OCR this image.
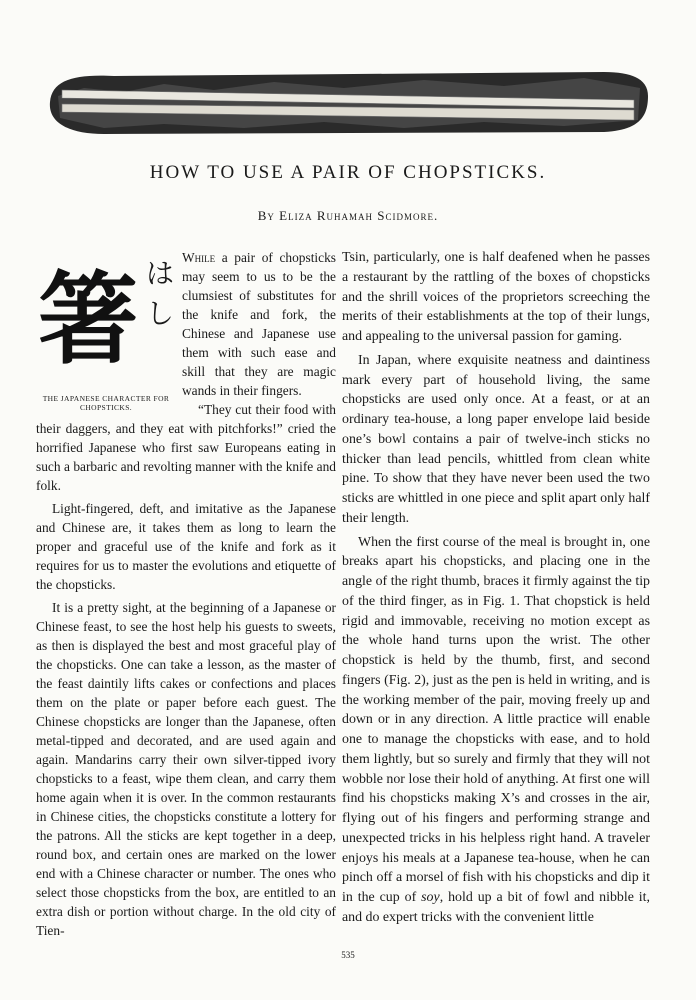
HOW TO USE A PAIR OF CHOPSTICKS.
By Eliza Ruhamah Scidmore.
箸 は
し

THE JAPANESE CHARACTER FOR CHOPSTICKS.

While a pair of chopsticks may seem to us to be the clumsiest of substitutes for the knife and fork, the Chinese and Japanese use them with such ease and skill that they are magic wands in their fingers.

“They cut their food with their daggers, and they eat with pitchforks!” cried the horrified Japanese who first saw Europeans eating in such a barbaric and revolting manner with the knife and folk.

Light-fingered, deft, and imitative as the Japanese and Chinese are, it takes them as long to learn the proper and graceful use of the knife and fork as it requires for us to master the evolutions and etiquette of the chopsticks.

It is a pretty sight, at the beginning of a Japanese or Chinese feast, to see the host help his guests to sweets, as then is displayed the best and most graceful play of the chopsticks. One can take a lesson, as the master of the feast daintily lifts cakes or confections and places them on the plate or paper before each guest. The Chinese chopsticks are longer than the Japanese, often metal-tipped and decorated, and are used again and again. Mandarins carry their own silver-tipped ivory chopsticks to a feast, wipe them clean, and carry them home again when it is over. In the common restaurants in Chinese cities, the chopsticks constitute a lottery for the patrons. All the sticks are kept together in a deep, round box, and certain ones are marked on the lower end with a Chinese character or number. The ones who select those chopsticks from the box, are entitled to an extra dish or portion without charge. In the old city of Tien-

Tsin, particularly, one is half deafened when he passes a restaurant by the rattling of the boxes of chopsticks and the shrill voices of the proprietors screeching the merits of their establishments at the top of their lungs, and appealing to the universal passion for gaming.

In Japan, where exquisite neatness and daintiness mark every part of household living, the same chopsticks are used only once. At a feast, or at an ordinary tea-house, a long paper envelope laid beside one’s bowl contains a pair of twelve-inch sticks no thicker than lead pencils, whittled from clean white pine. To show that they have never been used the two sticks are whittled in one piece and split apart only half their length.

When the first course of the meal is brought in, one breaks apart his chopsticks, and placing one in the angle of the right thumb, braces it firmly against the tip of the third finger, as in Fig. 1. That chopstick is held rigid and immovable, receiving no motion except as the whole hand turns upon the wrist. The other chopstick is held by the thumb, first, and second fingers (Fig. 2), just as the pen is held in writing, and is the working member of the pair, moving freely up and down or in any direction. A little practice will enable one to manage the chopsticks with ease, and to hold them lightly, but so surely and firmly that they will not wobble nor lose their hold of anything. At first one will find his chopsticks making X’s and crosses in the air, flying out of his fingers and performing strange and unexpected tricks in his helpless right hand. A traveler enjoys his meals at a Japanese tea-house, when he can pinch off a morsel of fish with his chopsticks and dip it in the cup of soy, hold up a bit of fowl and nibble it, and do expert tricks with the convenient little

535
